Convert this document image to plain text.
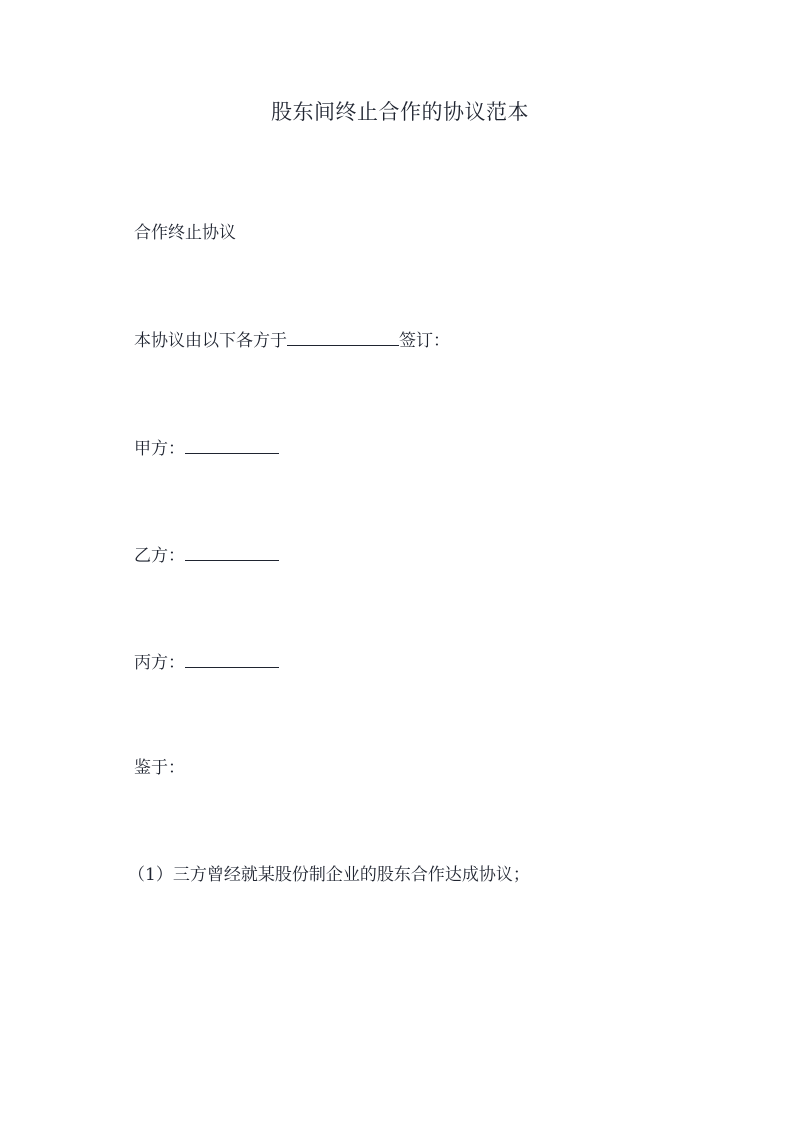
股东间终止合作的协议范本

合作终止协议

本协议由以下各方于	签订：

甲方：

乙方：

丙方：

鉴于：

（1）三方曾经就某股份制企业的股东合作达成协议；
